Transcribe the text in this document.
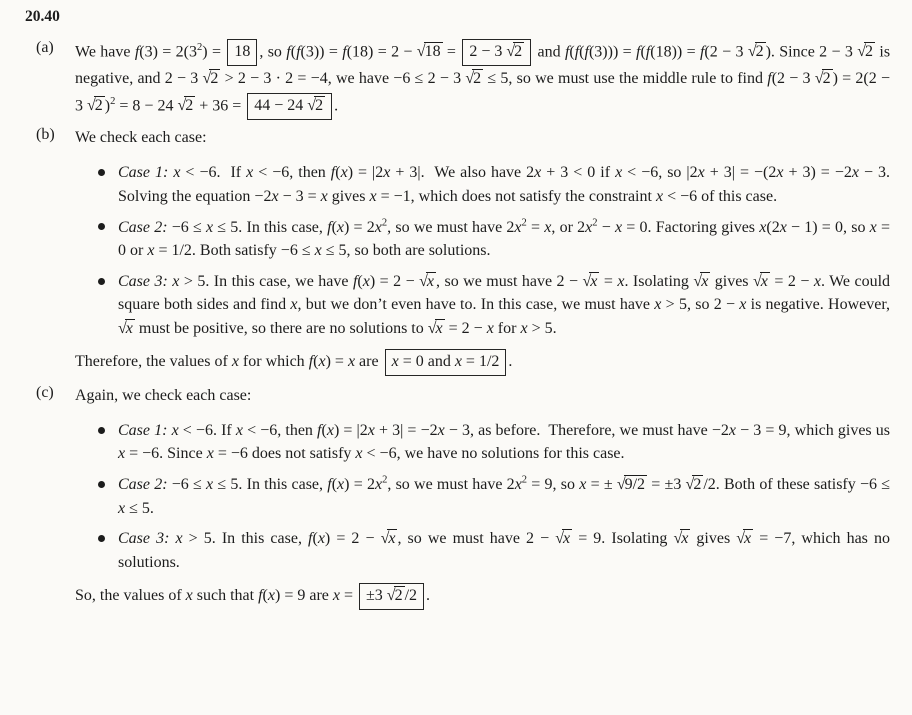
20.40
(a)	We have $f(3) = 2(3^2) = 18$ , so f(f(3)) = f(18) = 2 − √18 = 2 − 3 √2 and f(f(f(3))) = f(f(18)) = f(2 − 3 √2 ). Since 2 − 3 √2 is negative, and 2 − 3 √2 > 2 − 3 · 2 = −4, we have −6 ≤ 2 − 3 √2 ≤ 5, so we must use the middle rule to find f(2 − 3 √2 ) = 2(2 − 3 √2 )$^2$ = 8 − 24 √2 + 36 = 44 − 24 √2 .

(b)	We check each case:

Case 1: x < −6.  If x < −6, then f(x) = |2x + 3|.  We also have 2x + 3 < 0 if x < −6, so |2x + 3| = −(2x + 3) = −2x − 3. Solving the equation −2x − 3 = x gives x = −1, which does not satisfy the constraint x < −6 of this case.
Case 2: −6 ≤ x ≤ 5. In this case, $f(x) = 2x^2$, so we must have $2x^2 = x$, or $2x^2 - x = 0$. Factoring gives x(2x − 1) = 0, so x = 0 or x = 1/2. Both satisfy −6 ≤ x ≤ 5, so both are solutions.
Case 3: x > 5. In this case, we have f(x) = 2 − √x , so we must have 2 − √x = x. Isolating √x gives √x = 2 − x. We could square both sides and find x, but we don’t even have to. In this case, we must have x > 5, so 2 − x is negative. However, √x must be positive, so there are no solutions to √x = 2 − x for x > 5.

Therefore, the values of x for which f(x) = x are x = 0 and x = 1/2 .

(c)	Again, we check each case:

Case 1: x < −6. If x < −6, then f(x) = |2x + 3| = −2x − 3, as before.  Therefore, we must have −2x − 3 = 9, which gives us x = −6. Since x = −6 does not satisfy x < −6, we have no solutions for this case.
Case 2: −6 ≤ x ≤ 5. In this case, $f(x) = 2x^2$, so we must have $2x^2 = 9$, so x = ± √9/2 = ±3 √2 /2. Both of these satisfy −6 ≤ x ≤ 5.
Case 3: x > 5. In this case, f(x) = 2 − √x , so we must have 2 − √x = 9. Isolating √x gives √x = −7, which has no solutions.

So, the values of x such that f(x) = 9 are x = ±3 √2 /2 .
